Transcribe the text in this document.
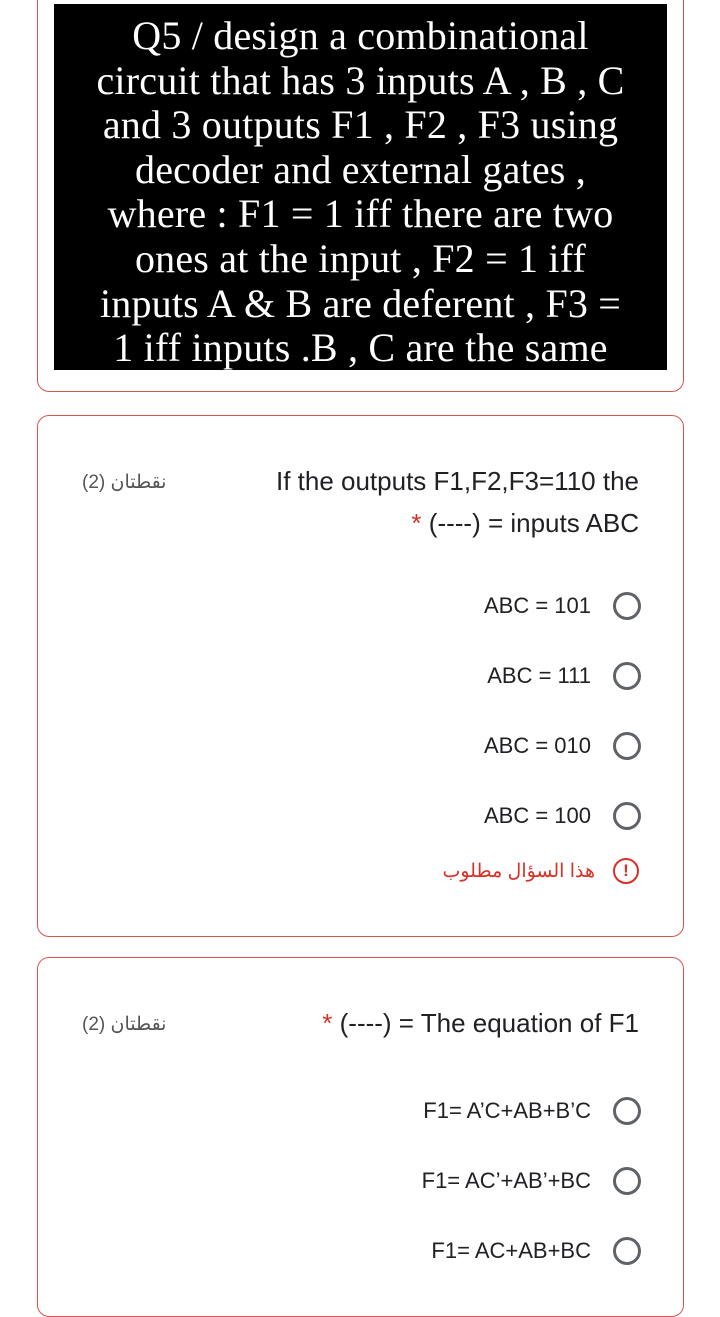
Q5 / design a combinational
circuit that has 3 inputs A , B , C
and 3 outputs F1 , F2 , F3 using
decoder and external gates ,
where : F1 = 1 iff there are two
ones at the input , F2 = 1 iff
inputs A & B are deferent , F3 =
1 iff inputs .B , C are the same
نقطتان (2)	If the outputs F1,F2,F3=110 the
* (----) = inputs ABC
ABC = 101
ABC = 111
ABC = 010
ABC = 100
هذا السؤال مطلوب	!
نقطتان (2)	* (----) = The equation of F1
F1= A’C+AB+B’C
F1= AC’+AB’+BC
F1= AC+AB+BC
